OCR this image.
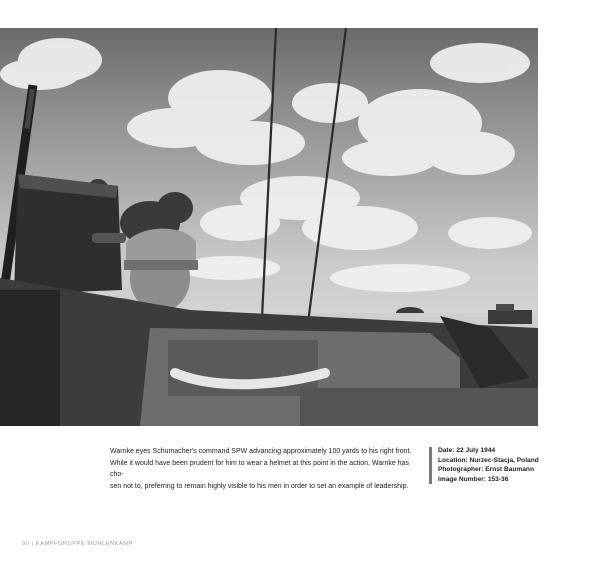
Warnke eyes Schumacher's command SPW advancing approximately 100 yards to his right front.

While it would have been prudent for him to wear a helmet at this point in the action, Warnke has cho-

sen not to, preferring to remain highly visible to his men in order to set an example of leadership.

Date: 22 July 1944
Location: Nurzec-Stacja, Poland
Photographer: Ernst Baumann
Image Number: 153-36
90 | KAMPFGRUPPE MÜHLENKAMP
